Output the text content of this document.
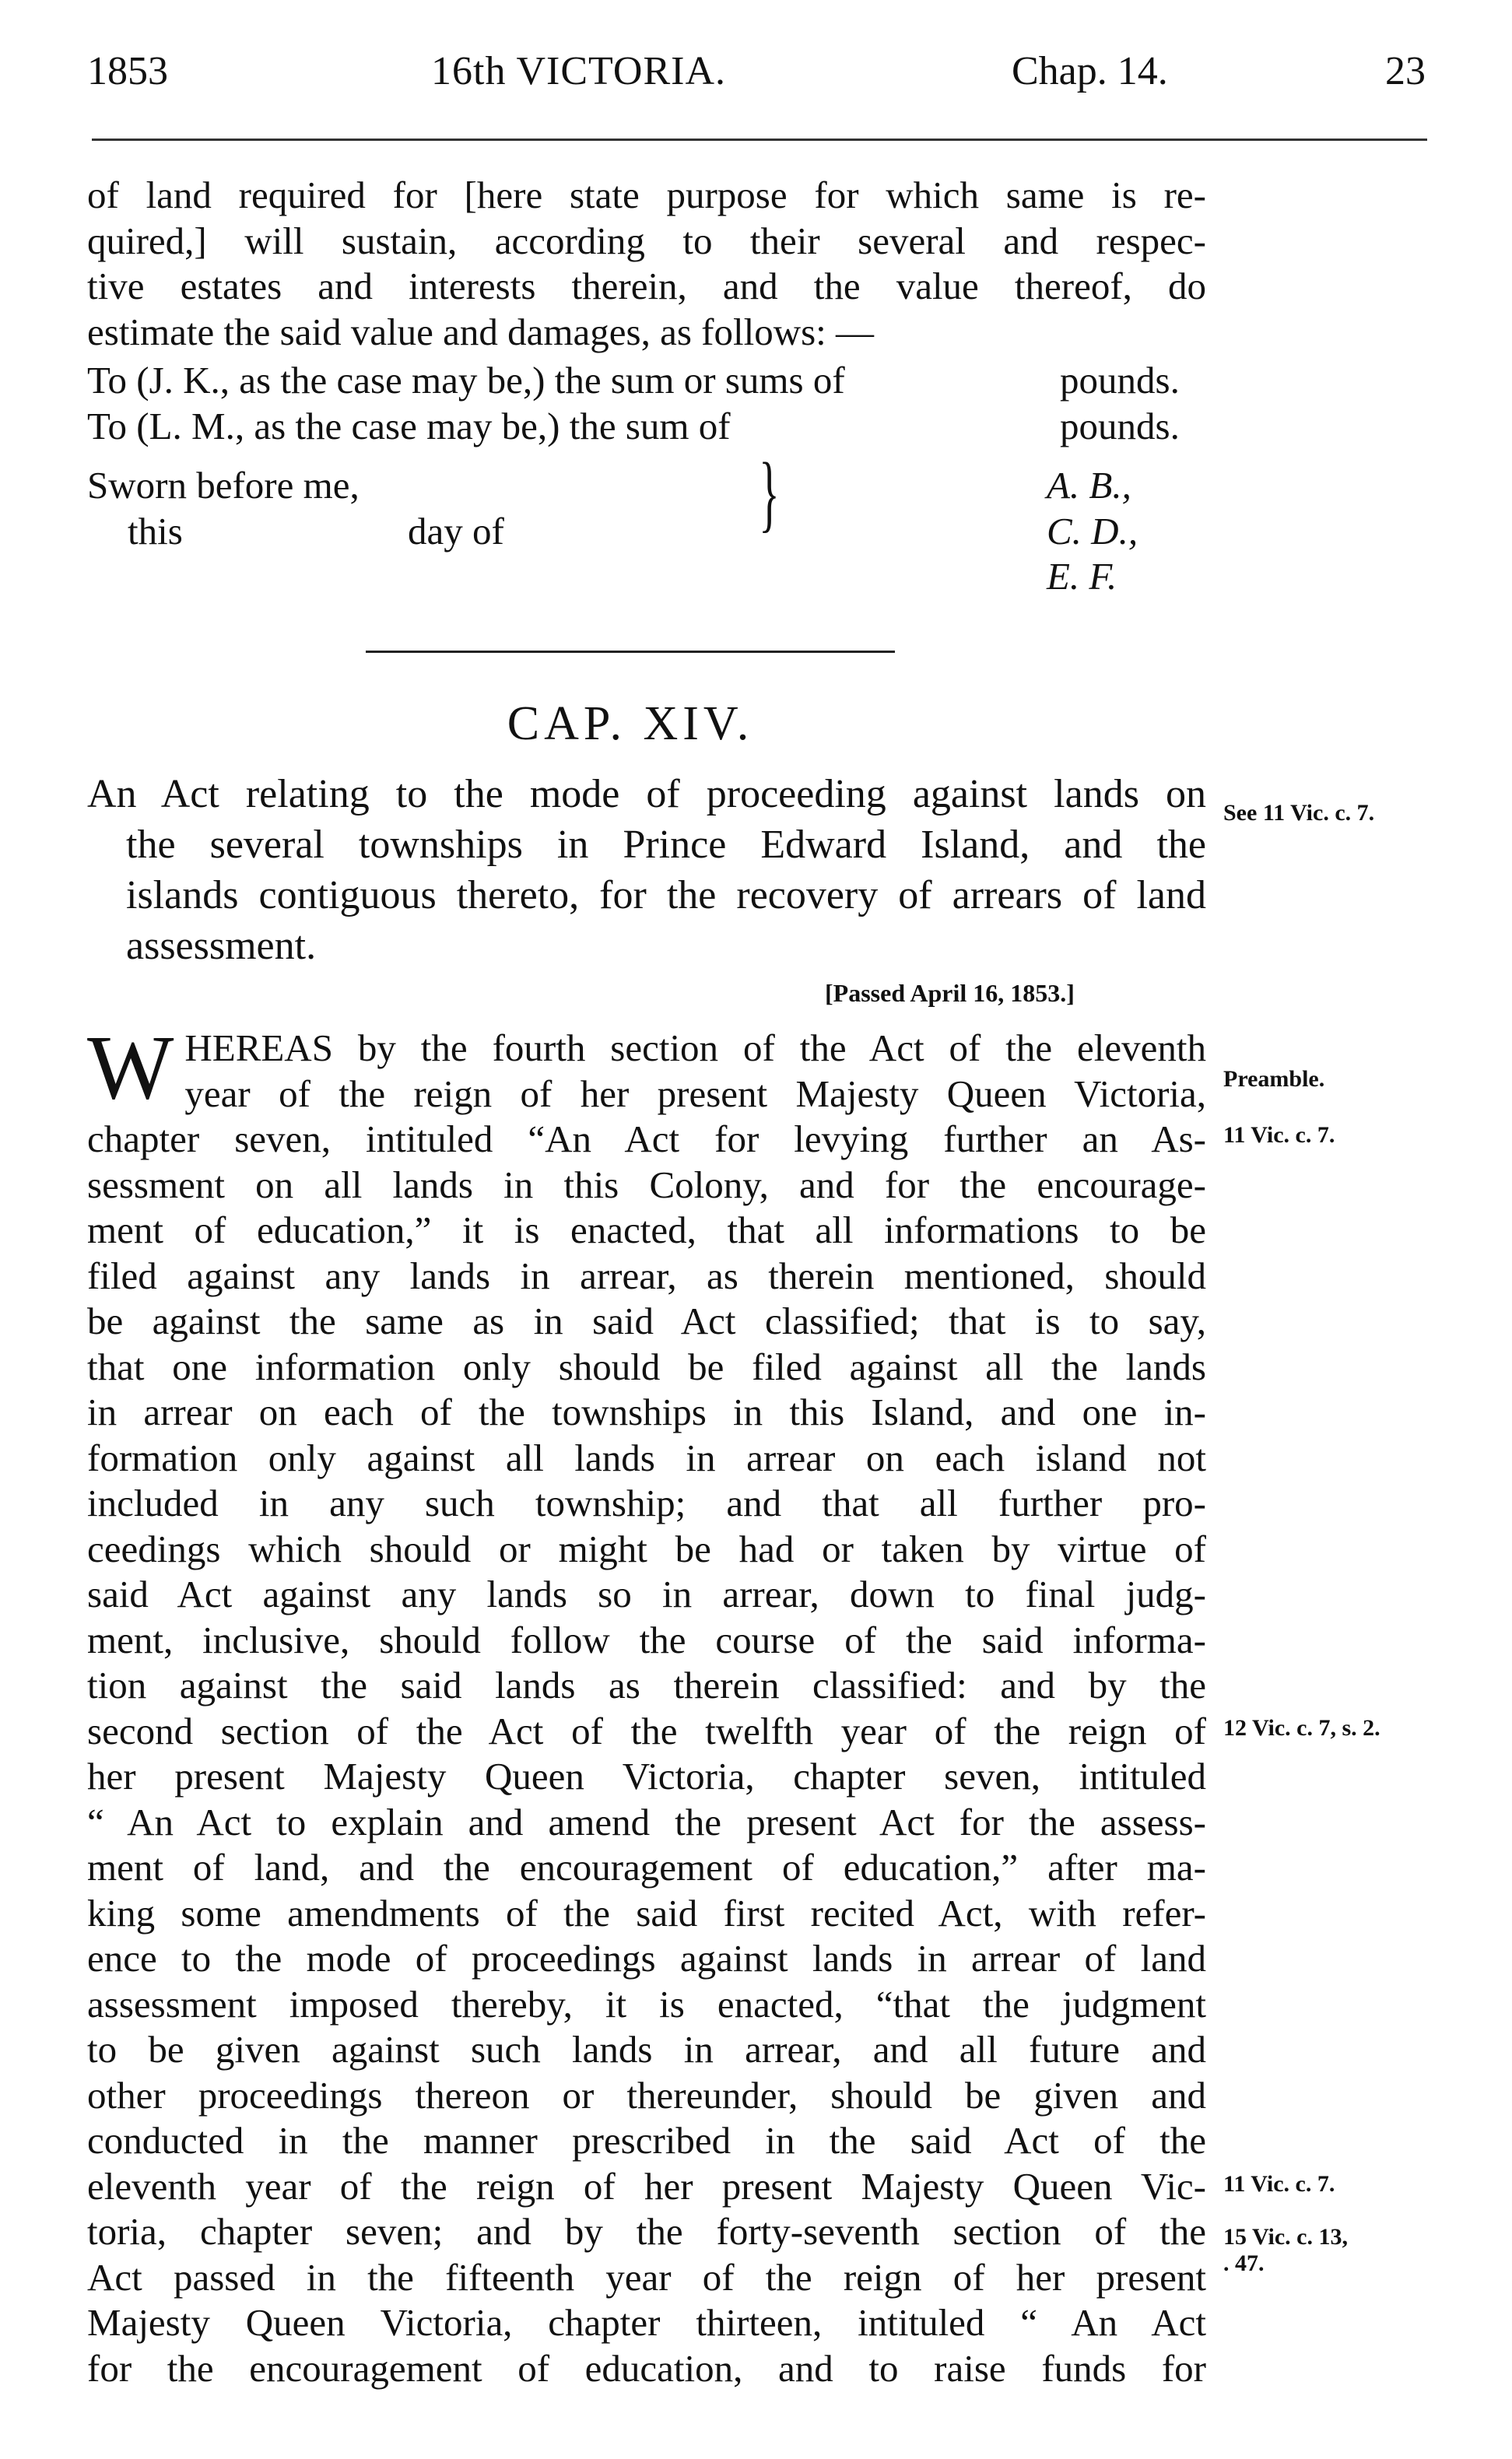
1853	16th VICTORIA.	Chap. 14.	23
of land required for [here state purpose for which same is re-
quired,] will sustain, according to their several and respec-
tive estates and interests therein, and the value thereof, do
estimate the said value and damages, as follows: —
To (J. K., as the case may be,) the sum or sums of	pounds.
To (L. M., as the case may be,) the sum of	pounds.
Sworn before me,	A. B.,
this	day of	C. D.,
E. F.
}
CAP. XIV.
An Act relating to the mode of proceeding against lands on
the several townships in Prince Edward Island, and the
islands contiguous thereto, for the recovery of arrears of land
assessment.
[Passed April 16, 1853.]
W HEREAS by the fourth section of the Act of the eleventh
year of the reign of her present Majesty Queen Victoria,
chapter seven, intituled “An Act for levying further an As-
sessment on all lands in this Colony, and for the encourage-
ment of education,” it is enacted, that all informations to be
filed against any lands in arrear, as therein mentioned, should
be against the same as in said Act classified; that is to say,
that one information only should be filed against all the lands
in arrear on each of the townships in this Island, and one in-
formation only against all lands in arrear on each island not
included in any such township; and that all further pro-
ceedings which should or might be had or taken by virtue of
said Act against any lands so in arrear, down to final judg-
ment, inclusive, should follow the course of the said informa-
tion against the said lands as therein classified: and by the
second section of the Act of the twelfth year of the reign of
her present Majesty Queen Victoria, chapter seven, intituled
“ An Act to explain and amend the present Act for the assess-
ment of land, and the encouragement of education,” after ma-
king some amendments of the said first recited Act, with refer-
ence to the mode of proceedings against lands in arrear of land
assessment imposed thereby, it is enacted, “that the judgment
to be given against such lands in arrear, and all future and
other proceedings thereon or thereunder, should be given and
conducted in the manner prescribed in the said Act of the
eleventh year of the reign of her present Majesty Queen Vic-
toria, chapter seven; and by the forty-seventh section of the
Act passed in the fifteenth year of the reign of her present
Majesty Queen Victoria, chapter thirteen, intituled “ An Act
for the encouragement of education, and to raise funds for
See 11 Vic. c. 7.
Preamble.
11 Vic. c. 7.
12 Vic. c. 7, s. 2.
11 Vic. c. 7.
15 Vic. c. 13,
. 47.
